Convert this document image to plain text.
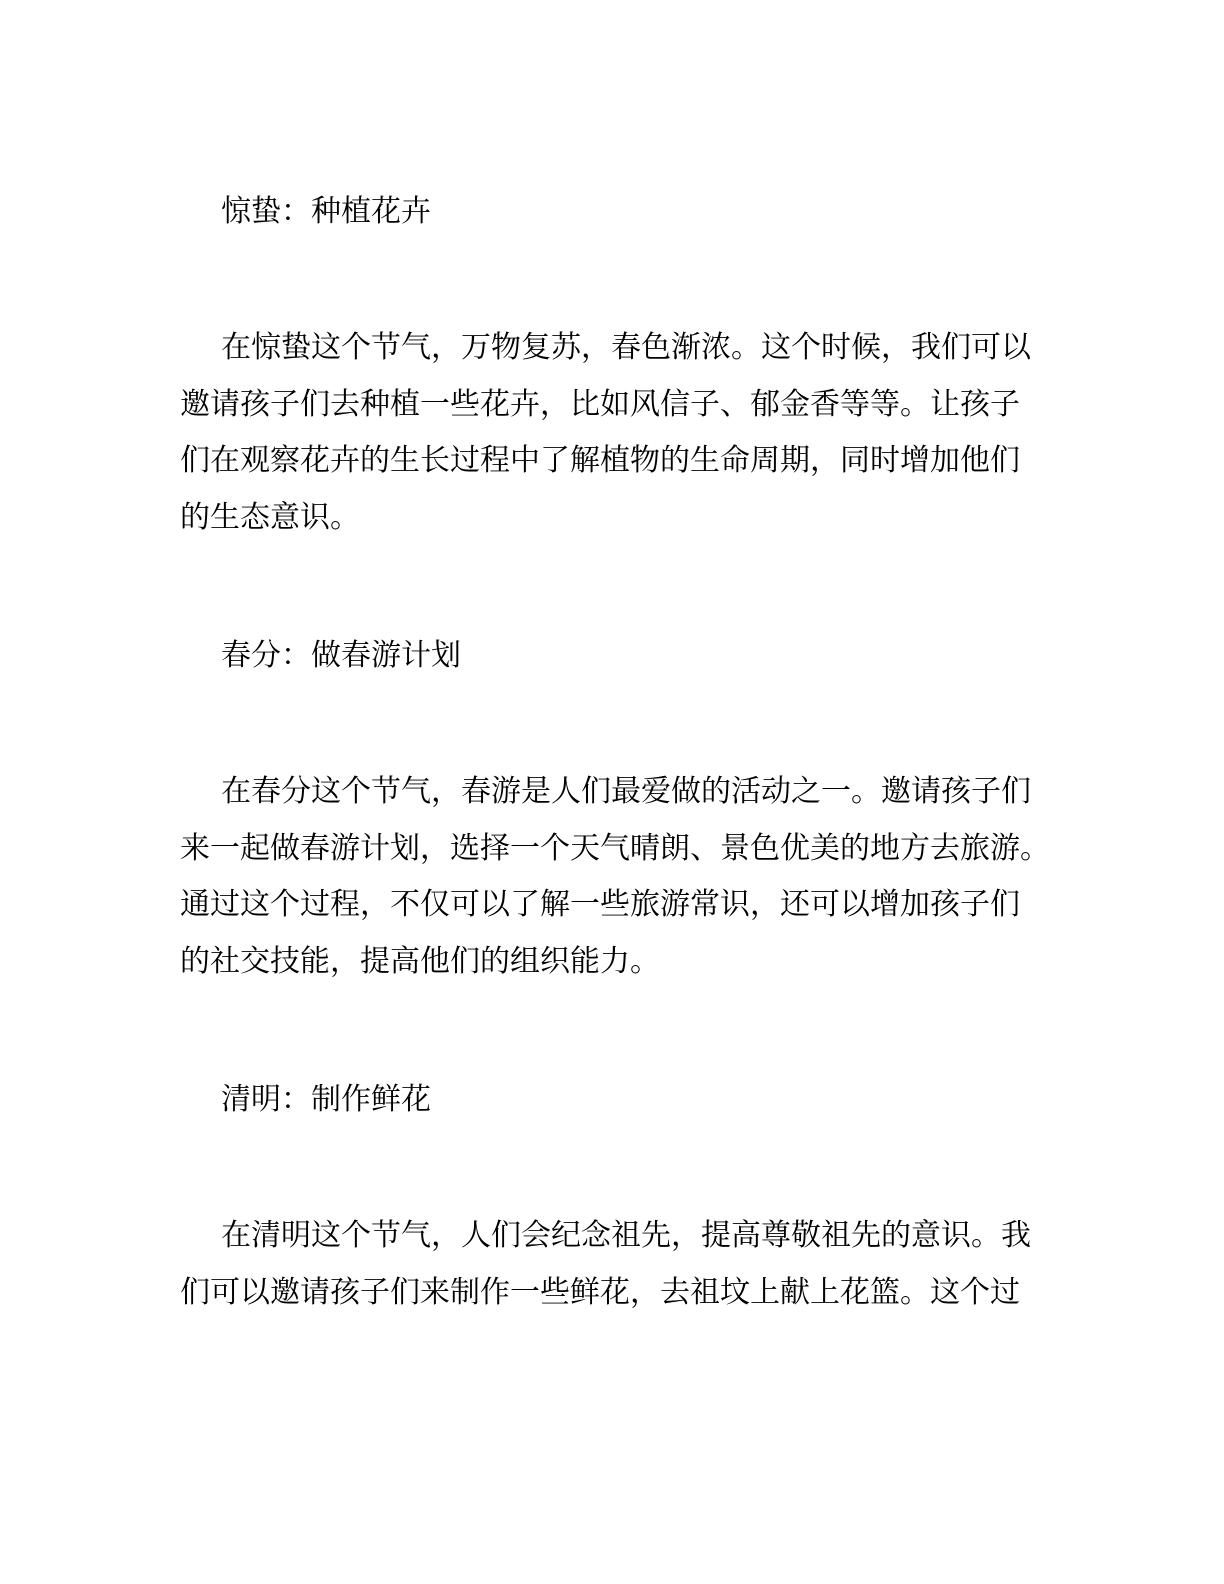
惊蛰：种植花卉
在惊蛰这个节气，万物复苏，春色渐浓。这个时候，我们可以
邀请孩子们去种植一些花卉，比如风信子、郁金香等等。让孩子
们在观察花卉的生长过程中了解植物的生命周期，同时增加他们
的生态意识。
春分：做春游计划
在春分这个节气，春游是人们最爱做的活动之一。邀请孩子们
来一起做春游计划，选择一个天气晴朗、景色优美的地方去旅游。
通过这个过程，不仅可以了解一些旅游常识，还可以增加孩子们
的社交技能，提高他们的组织能力。
清明：制作鲜花
在清明这个节气，人们会纪念祖先，提高尊敬祖先的意识。我
们可以邀请孩子们来制作一些鲜花，去祖坟上献上花篮。这个过
